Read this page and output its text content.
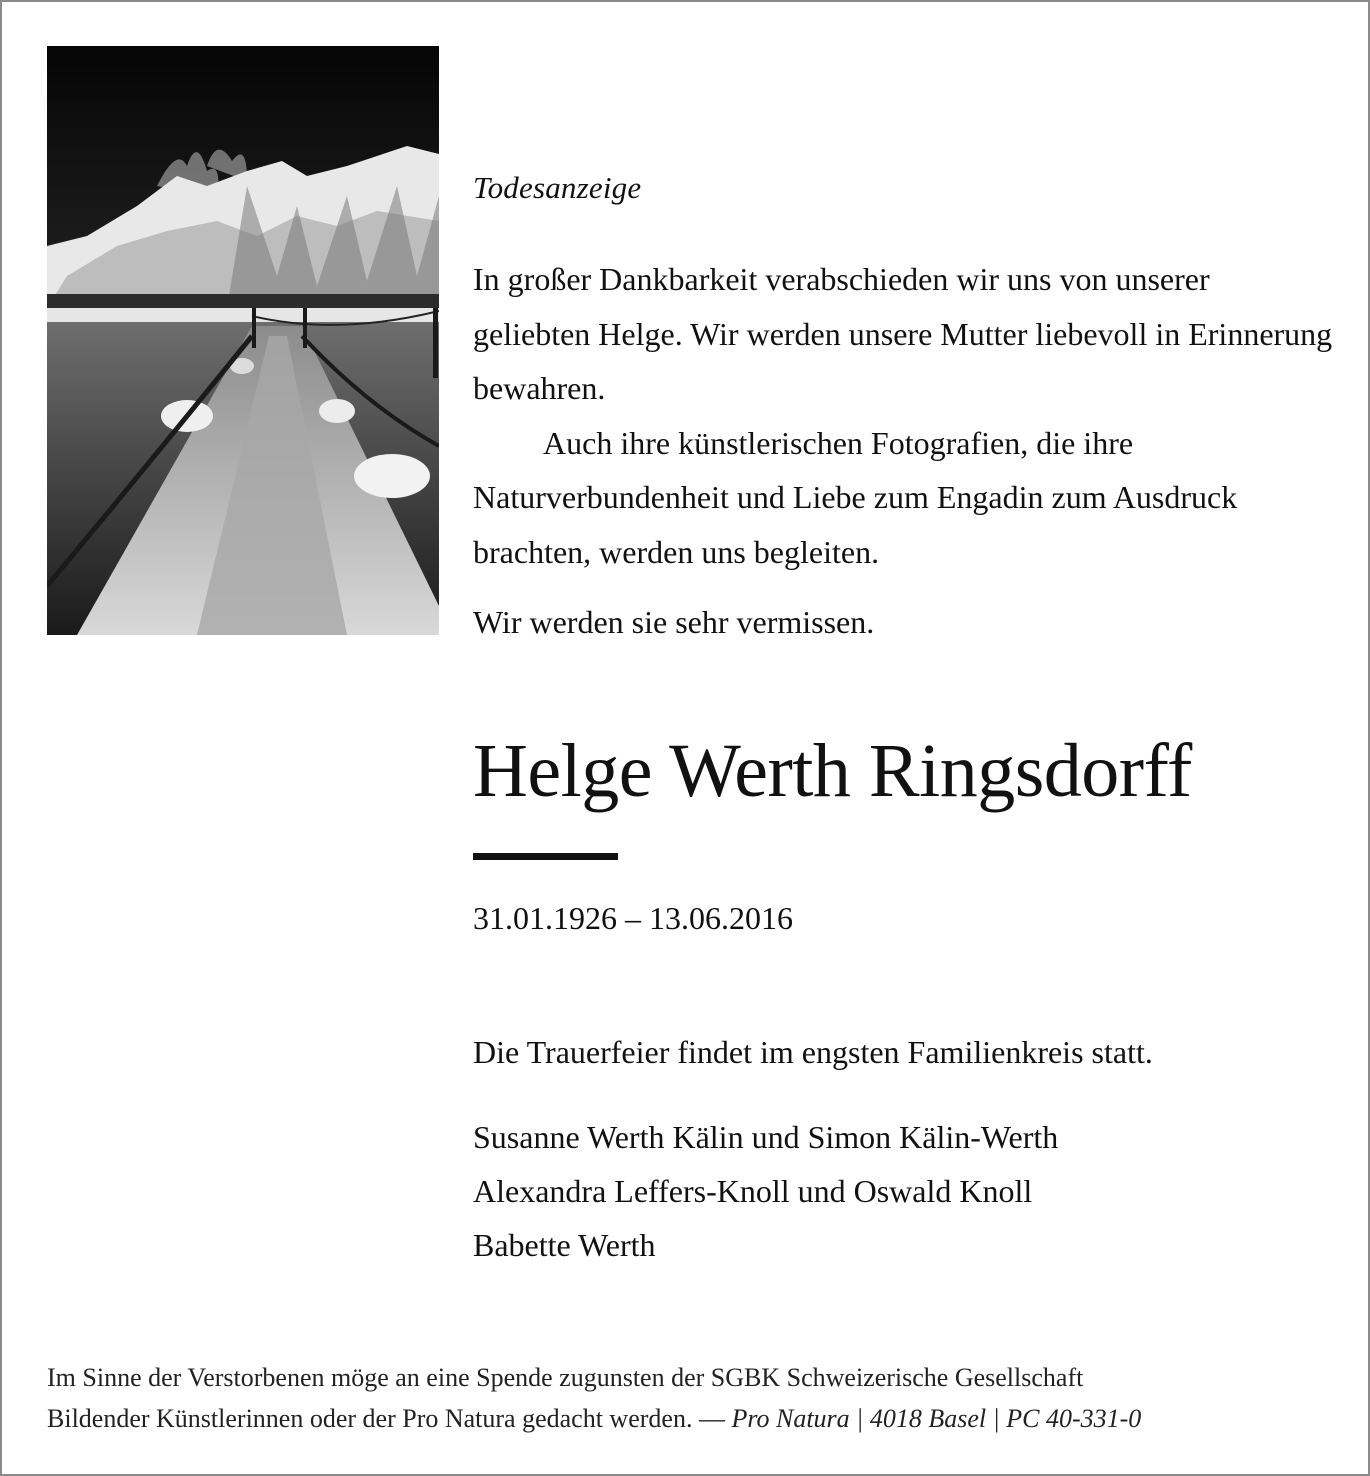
Todesanzeige

In großer Dankbarkeit verabschieden wir uns von unserer geliebten Helge. Wir werden unsere Mutter liebevoll in Erinnerung bewahren.

Auch ihre künstlerischen Fotografien, die ihre Naturverbundenheit und Liebe zum Engadin zum Ausdruck brachten, werden uns begleiten.

Wir werden sie sehr vermissen.
Helge Werth Ringsdorff
31.01.1926 – 13.06.2016
Die Trauerfeier findet im engsten Familienkreis statt.
Susanne Werth Kälin und Simon Kälin-Werth
Alexandra Leffers-Knoll und Oswald Knoll
Babette Werth
Im Sinne der Verstorbenen möge an eine Spende zugunsten der SGBK Schweizerische Gesellschaft
Bildender Künstlerinnen oder der Pro Natura gedacht werden. — Pro Natura | 4018 Basel | PC 40-331-0
